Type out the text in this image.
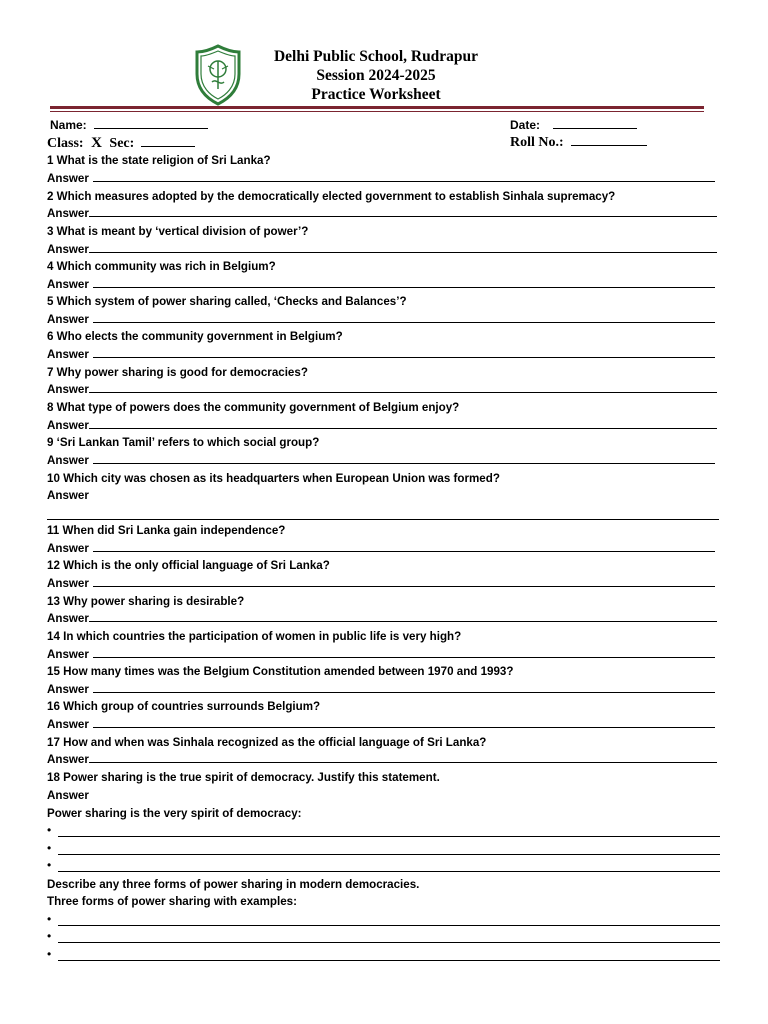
Delhi Public School, Rudrapur
Session 2024-2025
Practice Worksheet
Name:	Date:
Class: X Sec:	Roll No.:
1 What is the state religion of Sri Lanka?
Answer
2 Which measures adopted by the democratically elected government to establish Sinhala supremacy?
Answer
3 What is meant by ‘vertical division of power’?
Answer
4 Which community was rich in Belgium?
Answer
5 Which system of power sharing called, ‘Checks and Balances’?
Answer
6 Who elects the community government in Belgium?
Answer
7 Why power sharing is good for democracies?
Answer
8 What type of powers does the community government of Belgium enjoy?
Answer
9 ‘Sri Lankan Tamil’ refers to which social group?
Answer
10 Which city was chosen as its headquarters when European Union was formed?
Answer
11 When did Sri Lanka gain independence?
Answer
12 Which is the only official language of Sri Lanka?
Answer
13 Why power sharing is desirable?
Answer
14 In which countries the participation of women in public life is very high?
Answer
15 How many times was the Belgium Constitution amended between 1970 and 1993?
Answer
16 Which group of countries surrounds Belgium?
Answer
17 How and when was Sinhala recognized as the official language of Sri Lanka?
Answer
18 Power sharing is the true spirit of democracy. Justify this statement.
Answer
Power sharing is the very spirit of democracy:
•
•
•
Describe any three forms of power sharing in modern democracies.
Three forms of power sharing with examples:
•
•
•
